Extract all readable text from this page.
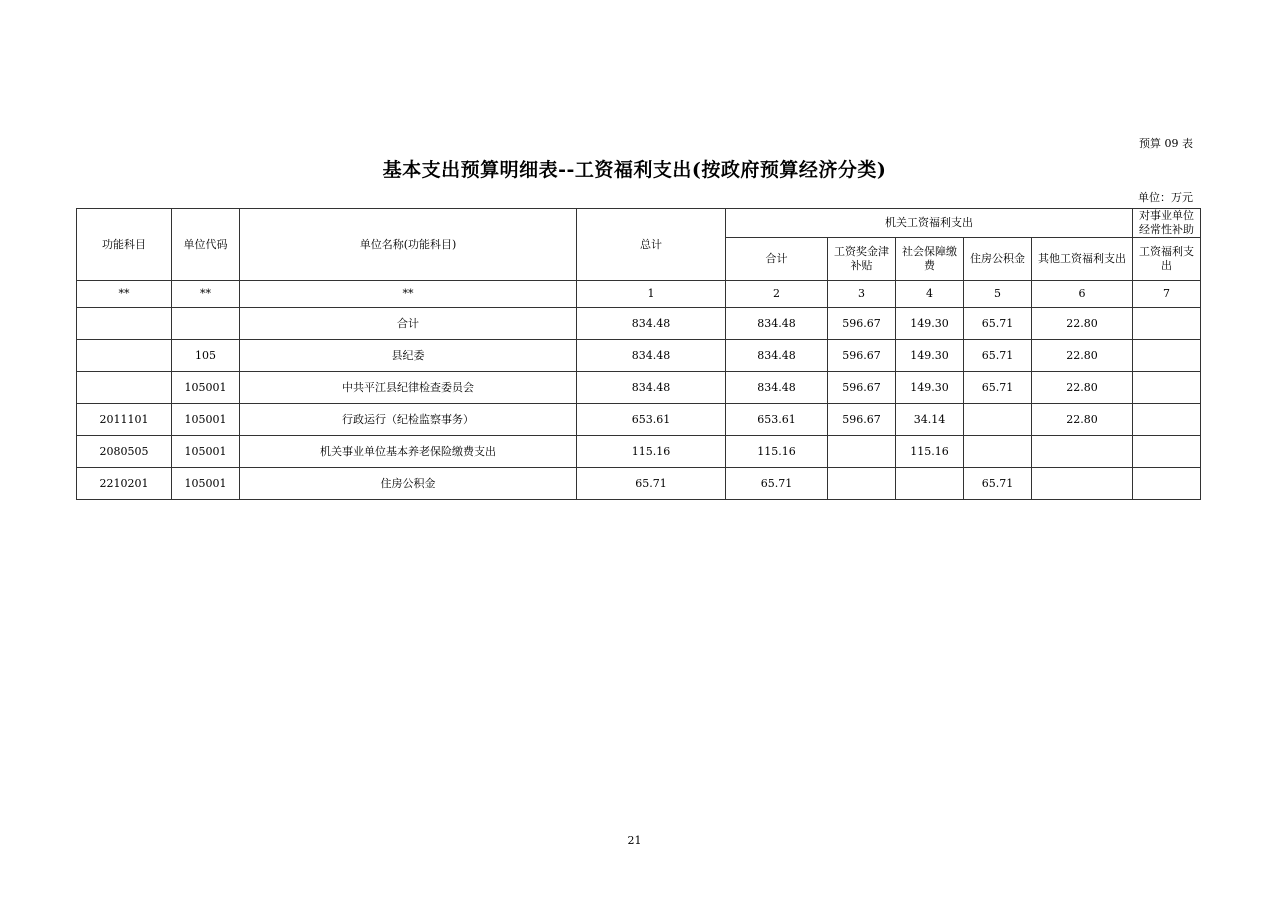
预算 09 表
基本支出预算明细表--工资福利支出(按政府预算经济分类)
单位：万元
功能科目	单位代码	单位名称(功能科目)	总计	机关工资福利支出					对事业单位经常性补助
				合计	工资奖金津补贴	社会保障缴费	住房公积金	其他工资福利支出	工资福利支出
**	**	**	1	2	3	4	5	6	7
		合计	834.48	834.48	596.67	149.30	65.71	22.80	
	105	县纪委	834.48	834.48	596.67	149.30	65.71	22.80	
	105001	中共平江县纪律检查委员会	834.48	834.48	596.67	149.30	65.71	22.80	
2011101	105001	行政运行（纪检监察事务）	653.61	653.61	596.67	34.14		22.80	
2080505	105001	机关事业单位基本养老保险缴费支出	115.16	115.16		115.16			
2210201	105001	住房公积金	65.71	65.71			65.71		
21
